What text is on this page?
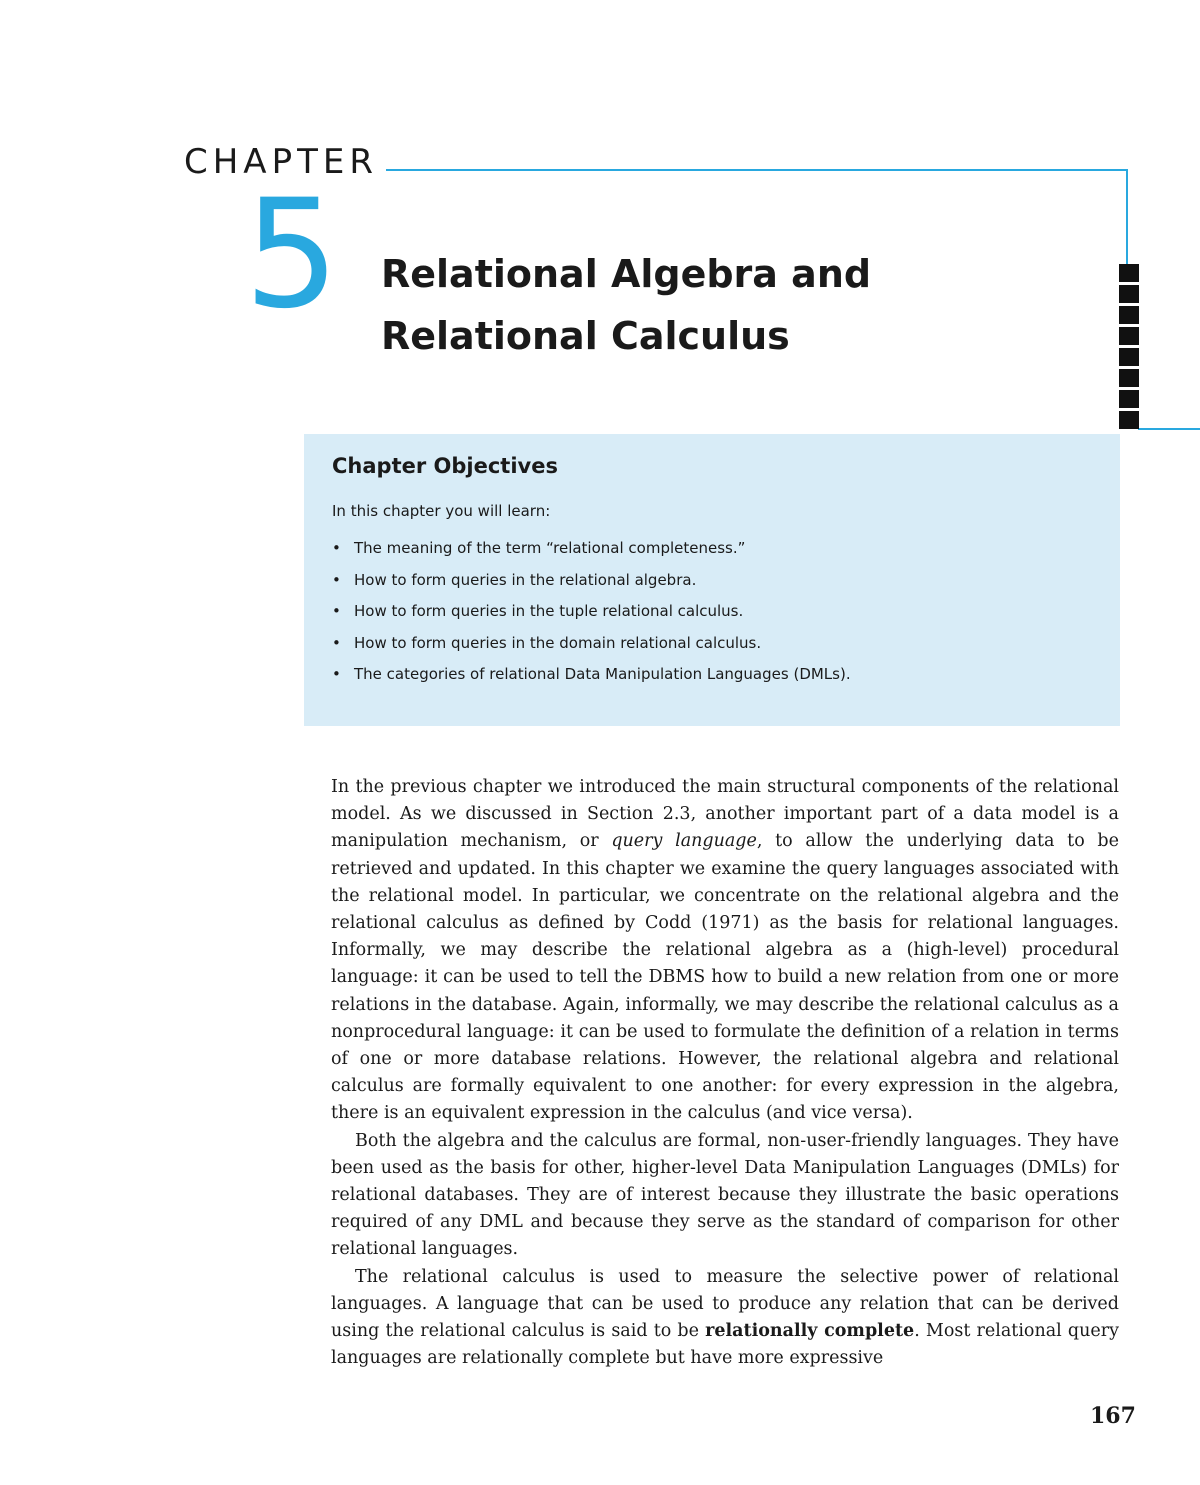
CHAPTER
5 Relational Algebra and
Relational Calculus
Chapter Objectives
In this chapter you will learn:
• The meaning of the term “relational completeness.”
• How to form queries in the relational algebra.
• How to form queries in the tuple relational calculus.
• How to form queries in the domain relational calculus.
• The categories of relational Data Manipulation Languages (DMLs).

In the previous chapter we introduced the main structural components of the relational model. As we discussed in Section 2.3, another important part of a data model is a manipulation mechanism, or query language, to allow the underlying data to be retrieved and updated. In this chapter we examine the query languages associated with the relational model. In particular, we concentrate on the relational algebra and the relational calculus as defined by Codd (1971) as the basis for relational languages. Informally, we may describe the relational algebra as a (high-level) procedural language: it can be used to tell the DBMS how to build a new relation from one or more relations in the database. Again, informally, we may describe the relational calculus as a nonprocedural language: it can be used to formulate the definition of a relation in terms of one or more database relations. However, the relational algebra and relational calculus are formally equivalent to one another: for every expression in the algebra, there is an equivalent expression in the calculus (and vice versa).

Both the algebra and the calculus are formal, non-user-friendly languages. They have been used as the basis for other, higher-level Data Manipulation Languages (DMLs) for relational databases. They are of interest because they illustrate the basic operations required of any DML and because they serve as the standard of comparison for other relational languages.

The relational calculus is used to measure the selective power of relational languages. A language that can be used to produce any relation that can be derived using the relational calculus is said to be relationally complete. Most relational query languages are relationally complete but have more expressive

167
